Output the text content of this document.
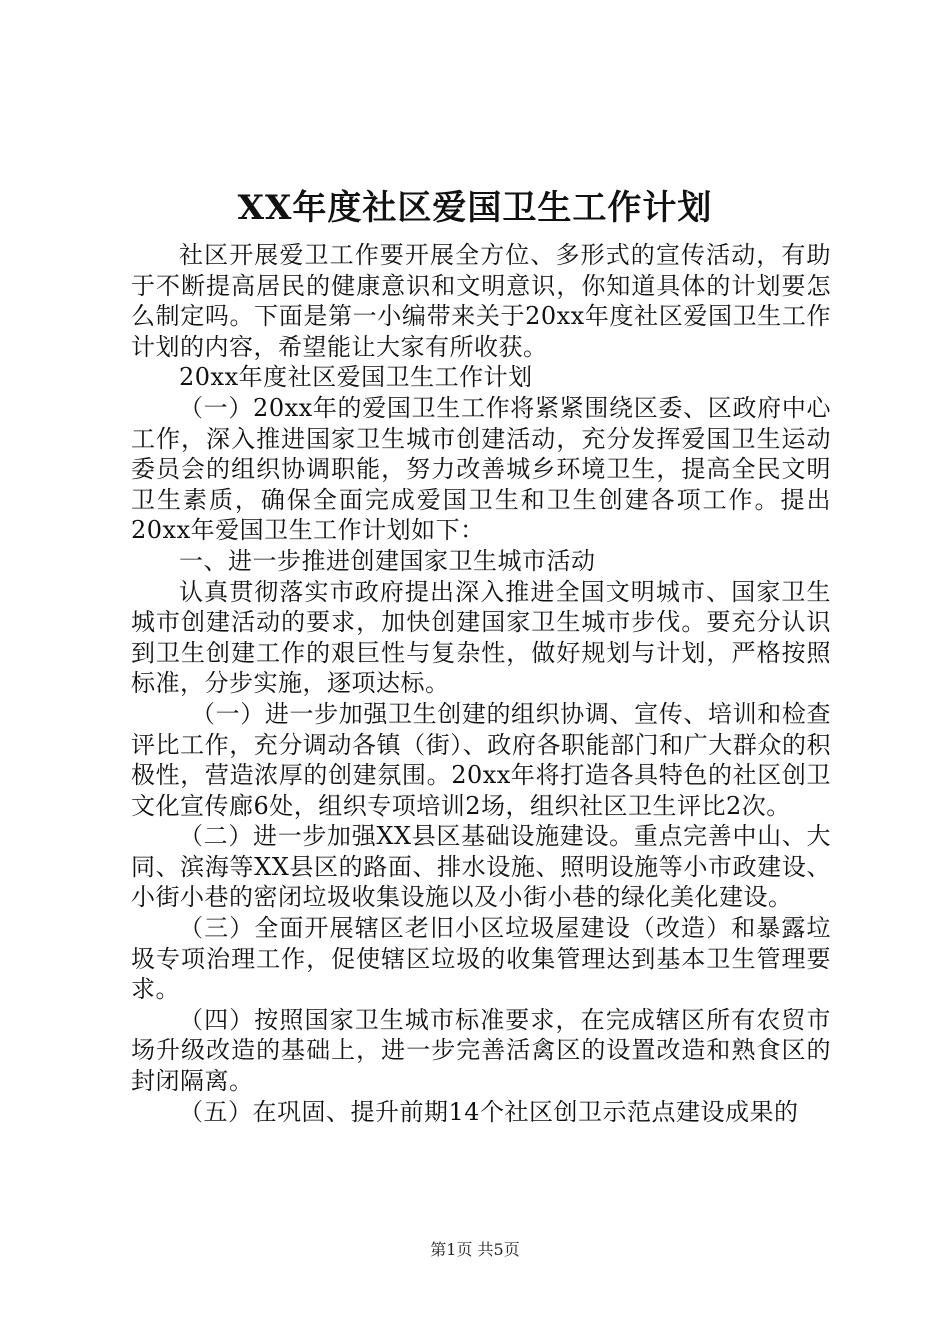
XX年度社区爱国卫生工作计划

社区开展爱卫工作要开展全方位、多形式的宣传活动，有助于不断提高居民的健康意识和文明意识，你知道具体的计划要怎么制定吗。下面是第一小编带来关于20xx年度社区爱国卫生工作计划的内容，希望能让大家有所收获。

20xx年度社区爱国卫生工作计划

（一）20xx年的爱国卫生工作将紧紧围绕区委、区政府中心工作，深入推进国家卫生城市创建活动，充分发挥爱国卫生运动委员会的组织协调职能，努力改善城乡环境卫生，提高全民文明卫生素质，确保全面完成爱国卫生和卫生创建各项工作。提出20xx年爱国卫生工作计划如下：

一、进一步推进创建国家卫生城市活动

认真贯彻落实市政府提出深入推进全国文明城市、国家卫生城市创建活动的要求，加快创建国家卫生城市步伐。要充分认识到卫生创建工作的艰巨性与复杂性，做好规划与计划，严格按照标准，分步实施，逐项达标。

（一）进一步加强卫生创建的组织协调、宣传、培训和检查评比工作，充分调动各镇（街）、政府各职能部门和广大群众的积极性，营造浓厚的创建氛围。20xx年将打造各具特色的社区创卫文化宣传廊6处，组织专项培训2场，组织社区卫生评比2次。

（二）进一步加强XX县区基础设施建设。重点完善中山、大同、滨海等XX县区的路面、排水设施、照明设施等小市政建设、小街小巷的密闭垃圾收集设施以及小街小巷的绿化美化建设。

（三）全面开展辖区老旧小区垃圾屋建设（改造）和暴露垃圾专项治理工作，促使辖区垃圾的收集管理达到基本卫生管理要求。

（四）按照国家卫生城市标准要求，在完成辖区所有农贸市场升级改造的基础上，进一步完善活禽区的设置改造和熟食区的封闭隔离。

（五）在巩固、提升前期14个社区创卫示范点建设成果的

第1页 共5页
